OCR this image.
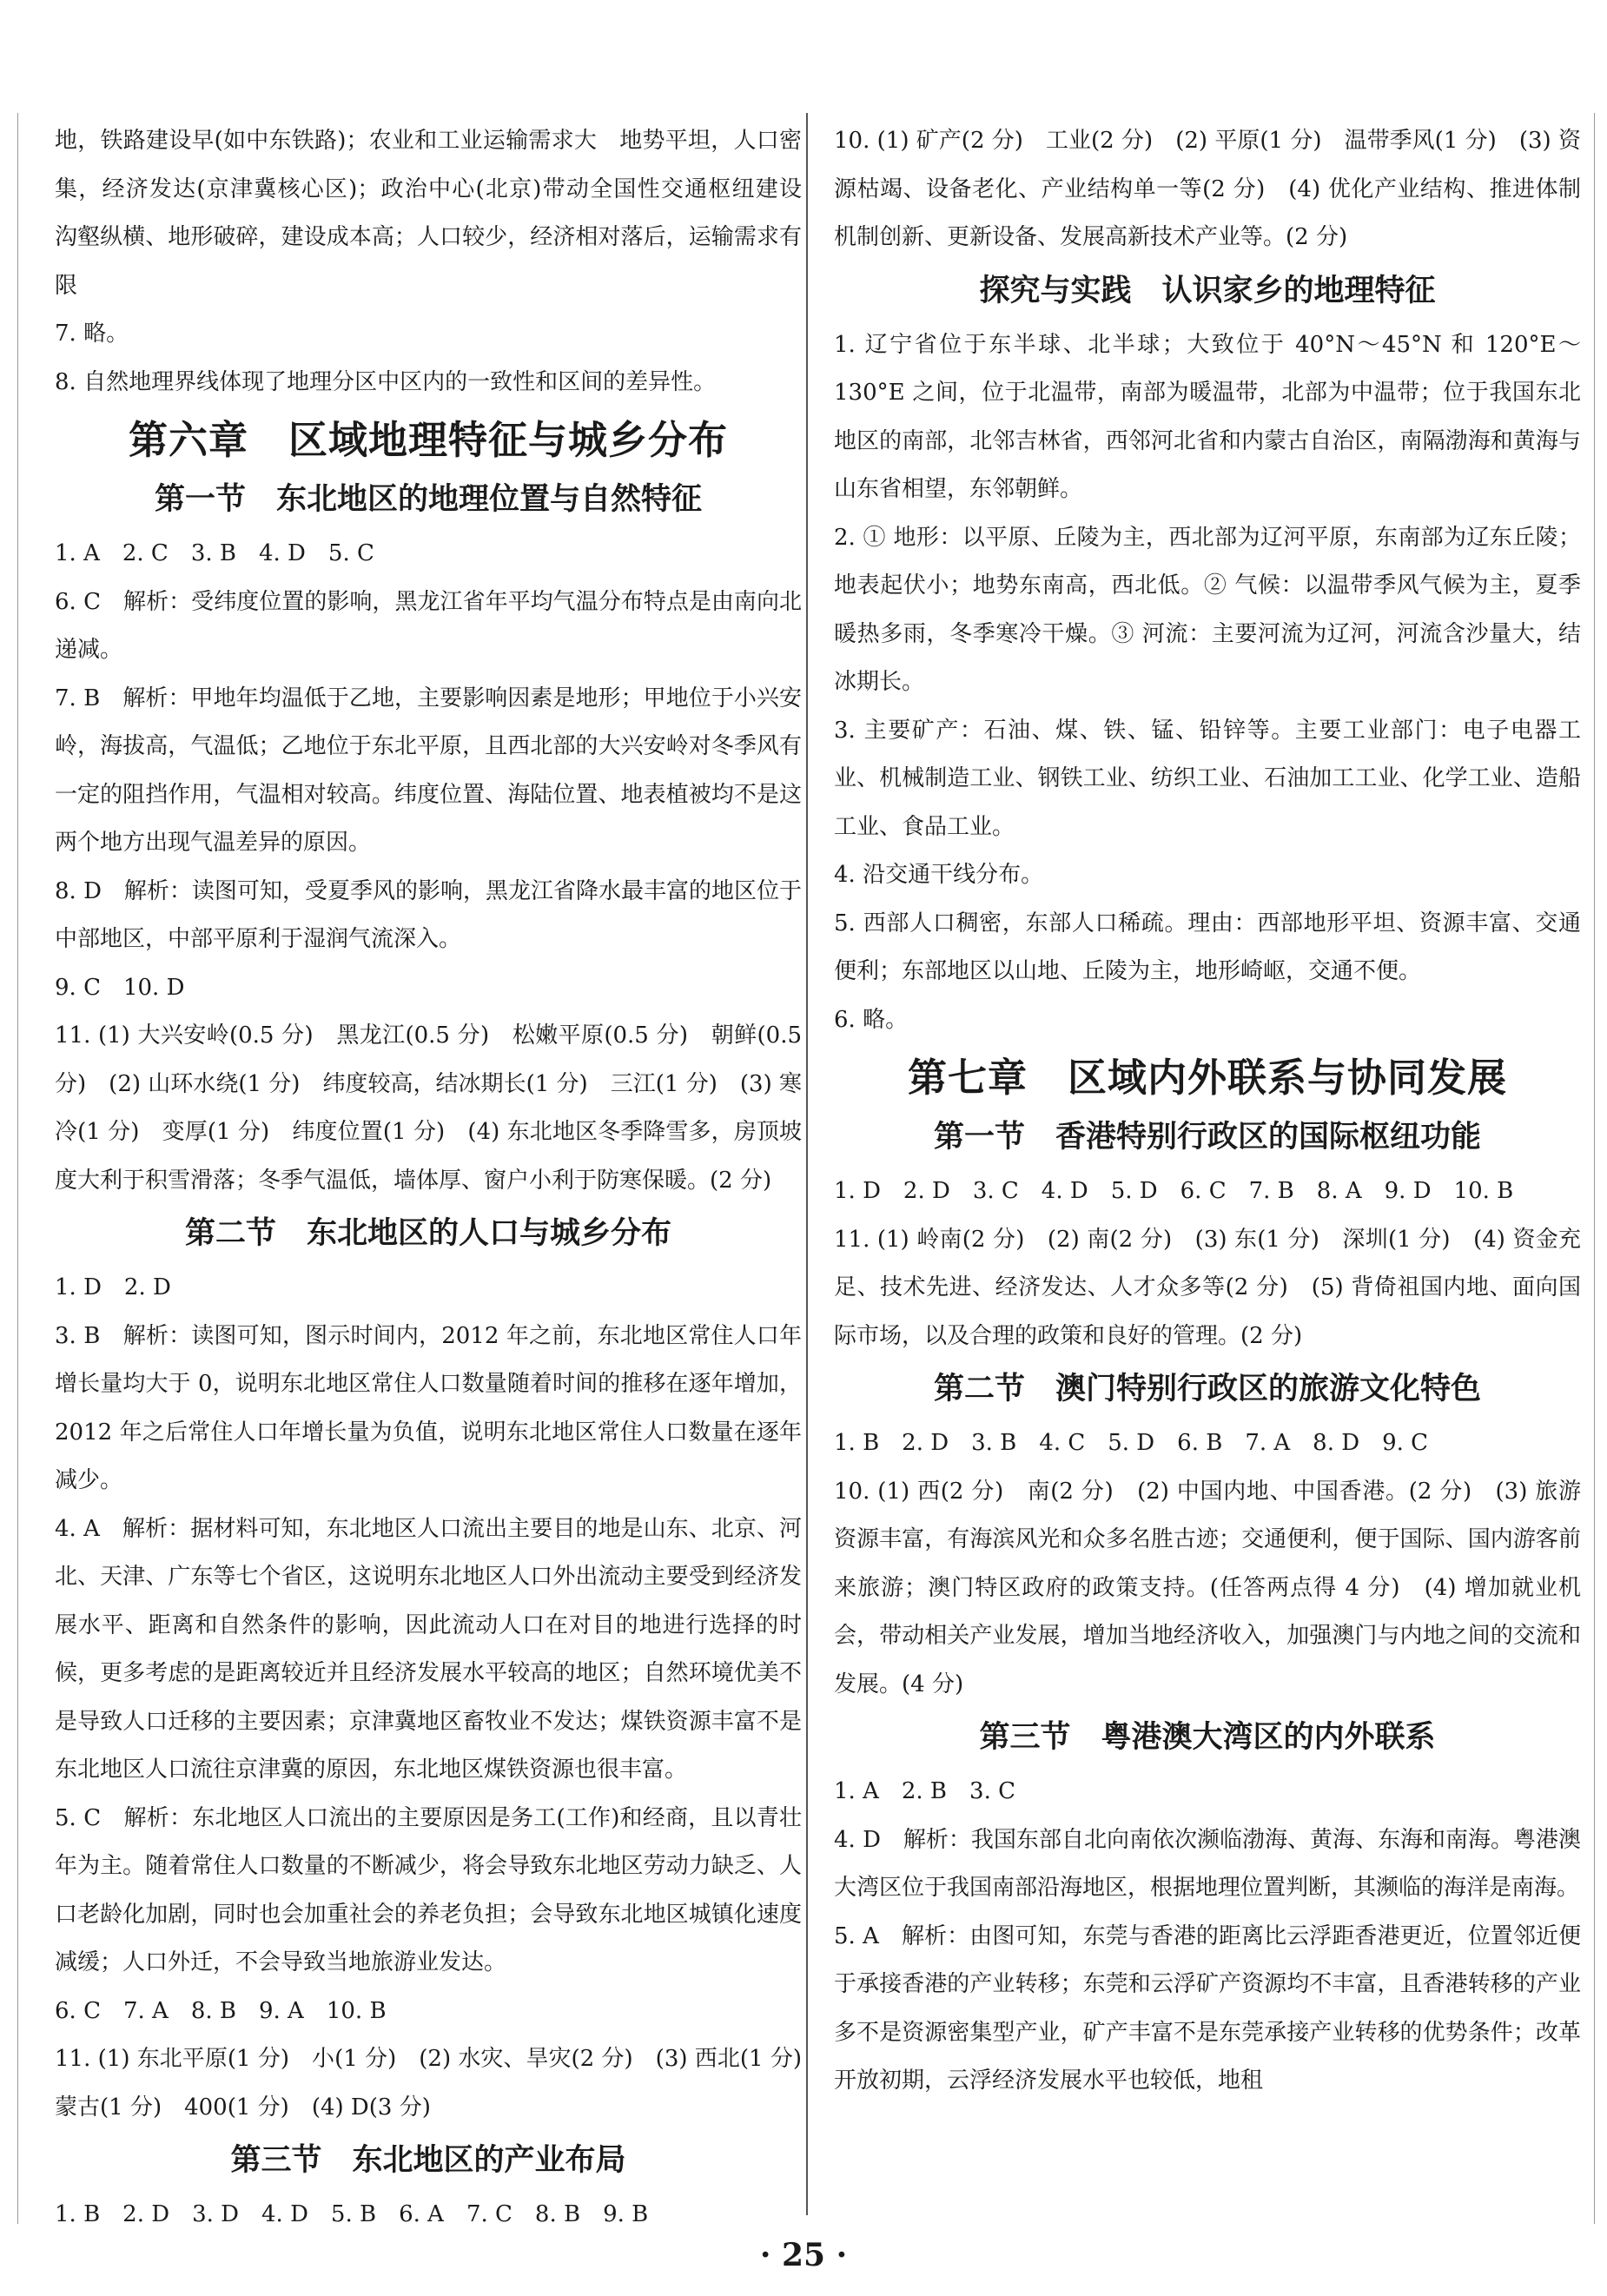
地，铁路建设早(如中东铁路)；农业和工业运输需求大　地势平坦，人口密集，经济发达(京津冀核心区)；政治中心(北京)带动全国性交通枢纽建设　沟壑纵横、地形破碎，建设成本高；人口较少，经济相对落后，运输需求有限

7. 略。

8. 自然地理界线体现了地理分区中区内的一致性和区间的差异性。

第六章　区域地理特征与城乡分布
第一节　东北地区的地理位置与自然特征

1. A　2. C　3. B　4. D　5. C

6. C　解析：受纬度位置的影响，黑龙江省年平均气温分布特点是由南向北递减。

7. B　解析：甲地年均温低于乙地，主要影响因素是地形；甲地位于小兴安岭，海拔高，气温低；乙地位于东北平原，且西北部的大兴安岭对冬季风有一定的阻挡作用，气温相对较高。纬度位置、海陆位置、地表植被均不是这两个地方出现气温差异的原因。

8. D　解析：读图可知，受夏季风的影响，黑龙江省降水最丰富的地区位于中部地区，中部平原利于湿润气流深入。

9. C　10. D

11. (1) 大兴安岭(0.5 分)　黑龙江(0.5 分)　松嫩平原(0.5 分)　朝鲜(0.5 分)　(2) 山环水绕(1 分)　纬度较高，结冰期长(1 分)　三江(1 分)　(3) 寒冷(1 分)　变厚(1 分)　纬度位置(1 分)　(4) 东北地区冬季降雪多，房顶坡度大利于积雪滑落；冬季气温低，墙体厚、窗户小利于防寒保暖。(2 分)

第二节　东北地区的人口与城乡分布

1. D　2. D

3. B　解析：读图可知，图示时间内，2012 年之前，东北地区常住人口年增长量均大于 0，说明东北地区常住人口数量随着时间的推移在逐年增加，2012 年之后常住人口年增长量为负值，说明东北地区常住人口数量在逐年减少。

4. A　解析：据材料可知，东北地区人口流出主要目的地是山东、北京、河北、天津、广东等七个省区，这说明东北地区人口外出流动主要受到经济发展水平、距离和自然条件的影响，因此流动人口在对目的地进行选择的时候，更多考虑的是距离较近并且经济发展水平较高的地区；自然环境优美不是导致人口迁移的主要因素；京津冀地区畜牧业不发达；煤铁资源丰富不是东北地区人口流往京津冀的原因，东北地区煤铁资源也很丰富。

5. C　解析：东北地区人口流出的主要原因是务工(工作)和经商，且以青壮年为主。随着常住人口数量的不断减少，将会导致东北地区劳动力缺乏、人口老龄化加剧，同时也会加重社会的养老负担；会导致东北地区城镇化速度减缓；人口外迁，不会导致当地旅游业发达。

6. C　7. A　8. B　9. A　10. B

11. (1) 东北平原(1 分)　小(1 分)　(2) 水灾、旱灾(2 分)　(3) 西北(1 分)　蒙古(1 分)　400(1 分)　(4) D(3 分)

第三节　东北地区的产业布局

1. B　2. D　3. D　4. D　5. B　6. A　7. C　8. B　9. B

10. (1) 矿产(2 分)　工业(2 分)　(2) 平原(1 分)　温带季风(1 分)　(3) 资源枯竭、设备老化、产业结构单一等(2 分)　(4) 优化产业结构、推进体制机制创新、更新设备、发展高新技术产业等。(2 分)

探究与实践　认识家乡的地理特征

1. 辽宁省位于东半球、北半球；大致位于 40°N～45°N 和 120°E～130°E 之间，位于北温带，南部为暖温带，北部为中温带；位于我国东北地区的南部，北邻吉林省，西邻河北省和内蒙古自治区，南隔渤海和黄海与山东省相望，东邻朝鲜。

2. ① 地形：以平原、丘陵为主，西北部为辽河平原，东南部为辽东丘陵；地表起伏小；地势东南高，西北低。② 气候：以温带季风气候为主，夏季暖热多雨，冬季寒冷干燥。③ 河流：主要河流为辽河，河流含沙量大，结冰期长。

3. 主要矿产：石油、煤、铁、锰、铅锌等。主要工业部门：电子电器工业、机械制造工业、钢铁工业、纺织工业、石油加工工业、化学工业、造船工业、食品工业。

4. 沿交通干线分布。

5. 西部人口稠密，东部人口稀疏。理由：西部地形平坦、资源丰富、交通便利；东部地区以山地、丘陵为主，地形崎岖，交通不便。

6. 略。

第七章　区域内外联系与协同发展
第一节　香港特别行政区的国际枢纽功能

1. D　2. D　3. C　4. D　5. D　6. C　7. B　8. A　9. D　10. B

11. (1) 岭南(2 分)　(2) 南(2 分)　(3) 东(1 分)　深圳(1 分)　(4) 资金充足、技术先进、经济发达、人才众多等(2 分)　(5) 背倚祖国内地、面向国际市场，以及合理的政策和良好的管理。(2 分)

第二节　澳门特别行政区的旅游文化特色

1. B　2. D　3. B　4. C　5. D　6. B　7. A　8. D　9. C

10. (1) 西(2 分)　南(2 分)　(2) 中国内地、中国香港。(2 分)　(3) 旅游资源丰富，有海滨风光和众多名胜古迹；交通便利，便于国际、国内游客前来旅游；澳门特区政府的政策支持。(任答两点得 4 分)　(4) 增加就业机会，带动相关产业发展，增加当地经济收入，加强澳门与内地之间的交流和发展。(4 分)

第三节　粤港澳大湾区的内外联系

1. A　2. B　3. C

4. D　解析：我国东部自北向南依次濒临渤海、黄海、东海和南海。粤港澳大湾区位于我国南部沿海地区，根据地理位置判断，其濒临的海洋是南海。

5. A　解析：由图可知，东莞与香港的距离比云浮距香港更近，位置邻近便于承接香港的产业转移；东莞和云浮矿产资源均不丰富，且香港转移的产业多不是资源密集型产业，矿产丰富不是东莞承接产业转移的优势条件；改革开放初期，云浮经济发展水平也较低，地租

· 25 ·
